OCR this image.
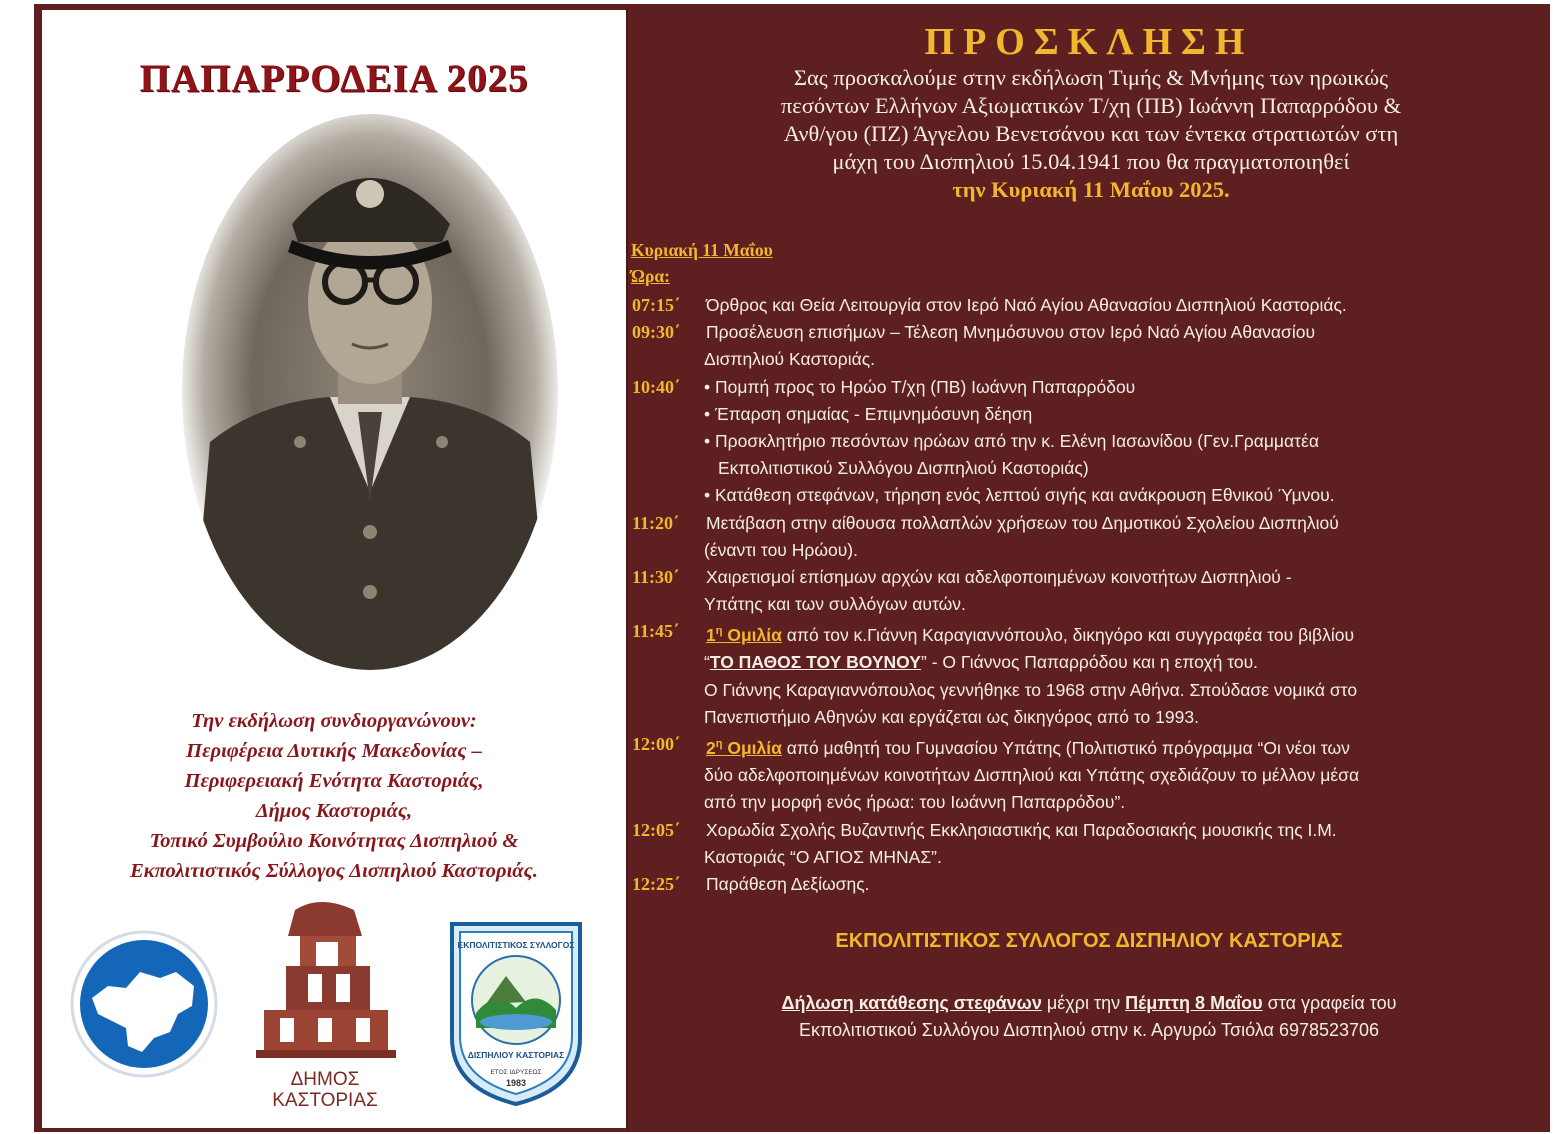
ΠΑΠΑΡΡΟΔΕΙΑ 2025
Την εκδήλωση συνδιοργανώνουν:
Περιφέρεια Δυτικής Μακεδονίας –
Περιφερειακή Ενότητα Καστοριάς,
Δήμος Καστοριάς,
Τοπικό Συμβούλιο Κοινότητας Δισπηλιού &
Εκπολιτιστικός Σύλλογος Δισπηλιού Καστοριάς.
ΔΗΜΟΣ
ΚΑΣΤΟΡΙΑΣ
ΕΚΠΟΛΙΤΙΣΤΙΚΟΣ ΣΥΛΛΟΓΟΣ
ΔΙΣΠΗΛΙΟΥ ΚΑΣΤΟΡΙΑΣ
ΕΤΟΣ ΙΔΡΥΣΕΩΣ
1983
ΠΡΟΣΚΛΗΣΗ
Σας προσκαλούμε στην εκδήλωση Τιμής & Μνήμης των ηρωικώς
πεσόντων Ελλήνων Αξιωματικών Τ/χη (ΠΒ) Ιωάννη Παπαρρόδου &
Ανθ/γου (ΠΖ) Άγγελου Βενετσάνου και των έντεκα στρατιωτών στη
μάχη του Δισπηλιού 15.04.1941 που θα πραγματοποιηθεί
την Κυριακή 11 Μαΐου 2025.
Κυριακή 11 Μαΐου
Ώρα:
07:15΄ Όρθρος και Θεία Λειτουργία στον Ιερό Ναό Αγίου Αθανασίου Δισπηλιού Καστοριάς.
09:30΄ Προσέλευση επισήμων – Τέλεση Μνημόσυνου στον Ιερό Ναό Αγίου Αθανασίου
Δισπηλιού Καστοριάς.
10:40΄ • Πομπή προς το Ηρώο Τ/χη (ΠΒ) Ιωάννη Παπαρρόδου
• Έπαρση σημαίας - Επιμνημόσυνη δέηση
• Προσκλητήριο πεσόντων ηρώων από την κ. Ελένη Ιασωνίδου (Γεν.Γραμματέα
Εκπολιτιστικού Συλλόγου Δισπηλιού Καστοριάς)
• Κατάθεση στεφάνων, τήρηση ενός λεπτού σιγής και ανάκρουση Εθνικού Ύμνου.
11:20΄ Μετάβαση στην αίθουσα πολλαπλών χρήσεων του Δημοτικού Σχολείου Δισπηλιού
(έναντι του Ηρώου).
11:30΄ Χαιρετισμοί επίσημων αρχών και αδελφοποιημένων κοινοτήτων Δισπηλιού -
Υπάτης και των συλλόγων αυτών.
11:45΄ $1^\eta$ Ομιλία από τον κ.Γιάννη Καραγιαννόπουλο, δικηγόρο και συγγραφέα του βιβλίου
“ΤΟ ΠΑΘΟΣ ΤΟΥ ΒΟΥΝΟΥ” - Ο Γιάννος Παπαρρόδου και η εποχή του.
Ο Γιάννης Καραγιαννόπουλος γεννήθηκε το 1968 στην Αθήνα. Σπούδασε νομικά στο
Πανεπιστήμιο Αθηνών και εργάζεται ως δικηγόρος από το 1993.
12:00΄ $2^\eta$ Ομιλία από μαθητή του Γυμνασίου Υπάτης (Πολιτιστικό πρόγραμμα “Οι νέοι των
δύο αδελφοποιημένων κοινοτήτων Δισπηλιού και Υπάτης σχεδιάζουν το μέλλον μέσα
από την μορφή ενός ήρωα: του Ιωάννη Παπαρρόδου”.
12:05΄ Χορωδία Σχολής Βυζαντινής Εκκλησιαστικής και Παραδοσιακής μουσικής της Ι.Μ.
Καστοριάς “Ο ΑΓΙΟΣ ΜΗΝΑΣ”.
12:25΄ Παράθεση Δεξίωσης.
ΕΚΠΟΛΙΤΙΣΤΙΚΟΣ ΣΥΛΛΟΓΟΣ ΔΙΣΠΗΛΙΟΥ ΚΑΣΤΟΡΙΑΣ
Δήλωση κατάθεσης στεφάνων μέχρι την Πέμπτη 8 Μαΐου στα γραφεία του
Εκπολιτιστικού Συλλόγου Δισπηλιού στην κ. Αργυρώ Τσιόλα 6978523706
